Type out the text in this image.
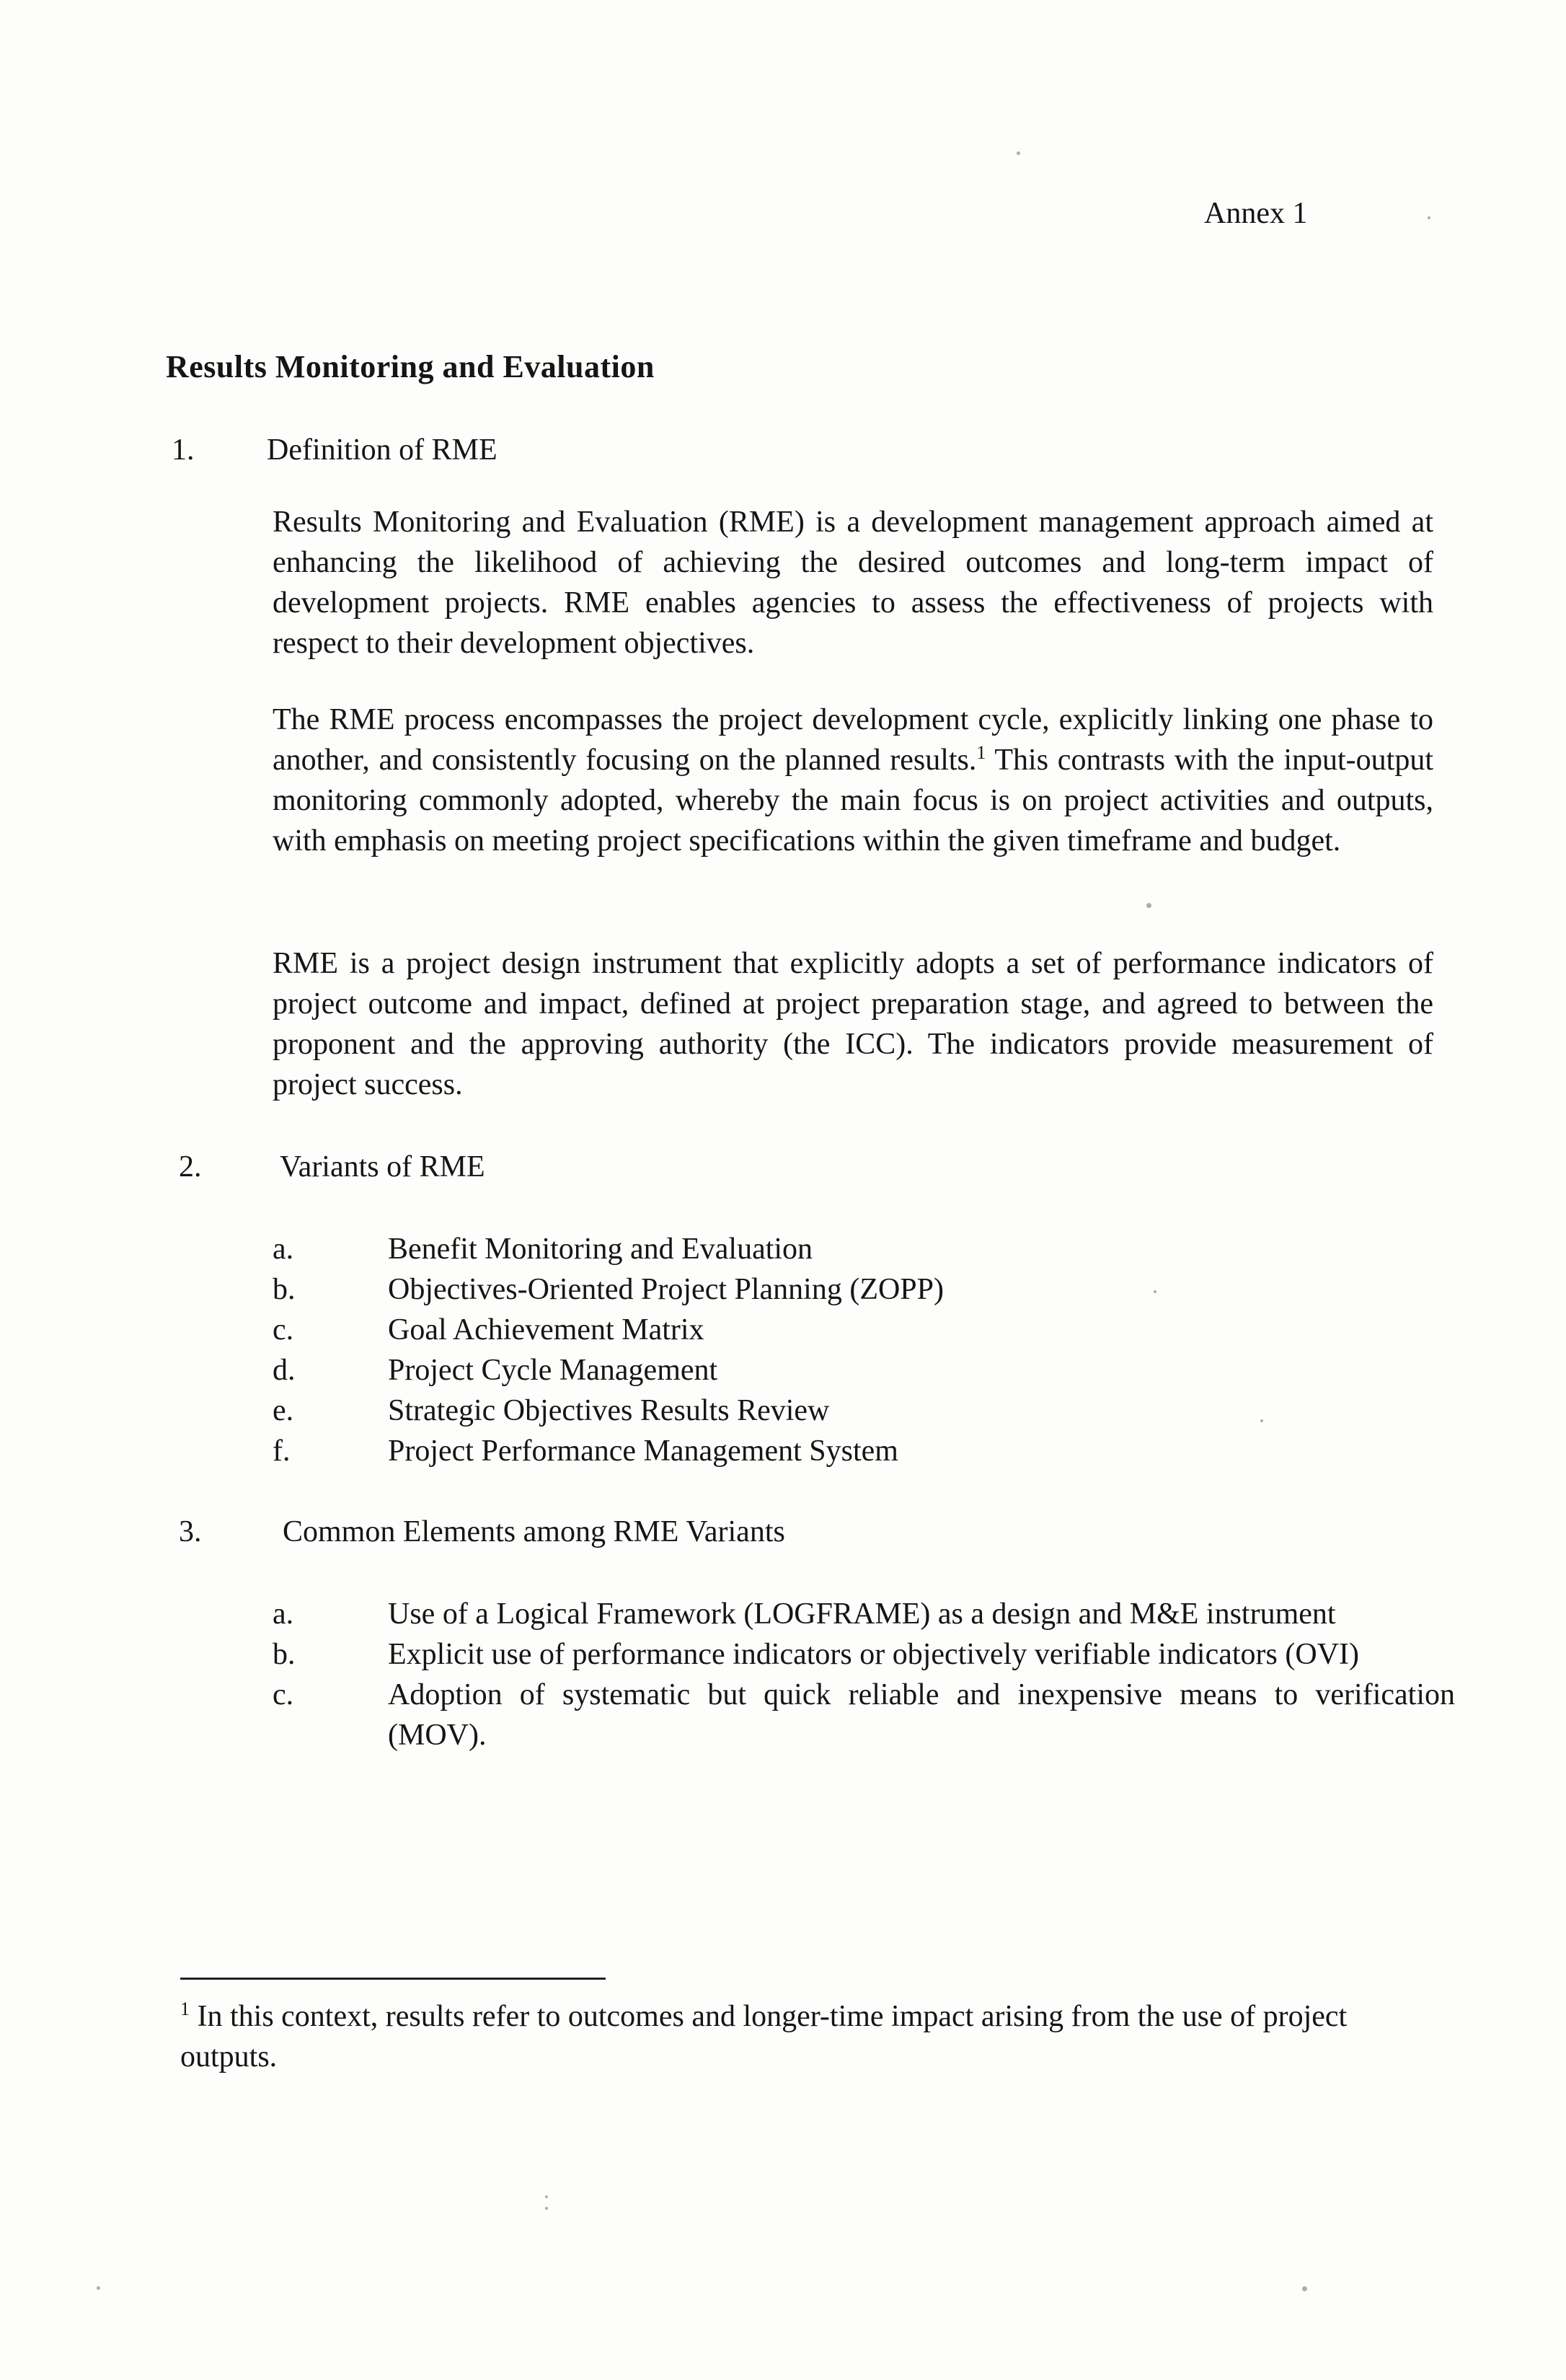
Annex 1
Results Monitoring and Evaluation
1. Definition of RME

Results Monitoring and Evaluation (RME) is a development management approach aimed at enhancing the likelihood of achieving the desired outcomes and long-term impact of development projects. RME enables agencies to assess the effectiveness of projects with respect to their development objectives.

The RME process encompasses the project development cycle, explicitly linking one phase to another, and consistently focusing on the planned results.$^1$ This contrasts with the input-output monitoring commonly adopted, whereby the main focus is on project activities and outputs, with emphasis on meeting project specifications within the given timeframe and budget.

RME is a project design instrument that explicitly adopts a set of performance indicators of project outcome and impact, defined at project preparation stage, and agreed to between the proponent and the approving authority (the ICC). The indicators provide measurement of project success.

2.	Variants of RME
a.	Benefit Monitoring and Evaluation
b.	Objectives-Oriented Project Planning (ZOPP)
c.	Goal Achievement Matrix
d.	Project Cycle Management
e.	Strategic Objectives Results Review
f.	Project Performance Management System
3.	Common Elements among RME Variants
a.	Use of a Logical Framework (LOGFRAME) as a design and M&E instrument
b.	Explicit use of performance indicators or objectively verifiable indicators (OVI)
c.	Adoption of systematic but quick reliable and inexpensive means to verification (MOV).

$^1$ In this context, results refer to outcomes and longer-time impact arising from the use of project outputs.
